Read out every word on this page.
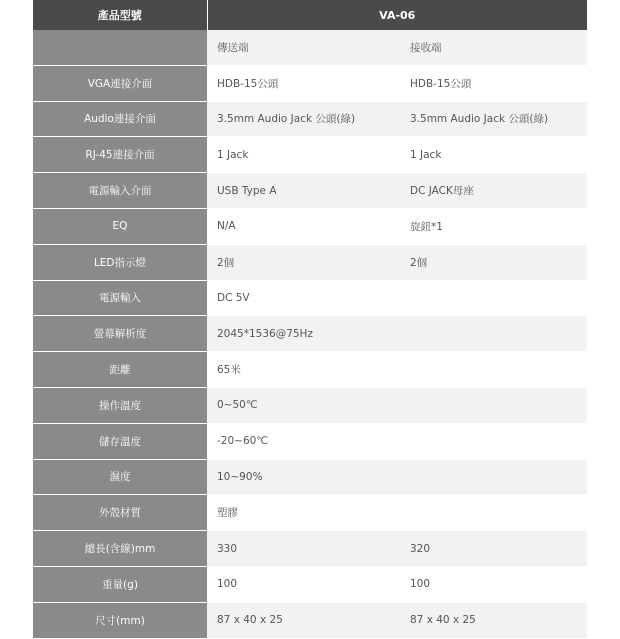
產品型號	VA-06	
	傳送端	接收端
VGA連接介面	HDB-15公頭	HDB-15公頭
Audio連接介面	3.5mm Audio Jack 公頭(綠)	3.5mm Audio Jack 公頭(綠)
RJ-45連接介面	1 Jack	1 Jack
電源輸入介面	USB Type A	DC JACK母座
EQ	N/A	旋鈕*1
LED指示燈	2個	2個
電源輸入	DC 5V	
螢幕解析度	2045*1536@75Hz	
距離	65米	
操作溫度	0~50℃	
儲存溫度	-20~60℃	
濕度	10~90%	
外殼材質	塑膠	
總長(含線)mm	330	320
重量(g)	100	100
尺寸(mm)	87 x 40 x 25	87 x 40 x 25
